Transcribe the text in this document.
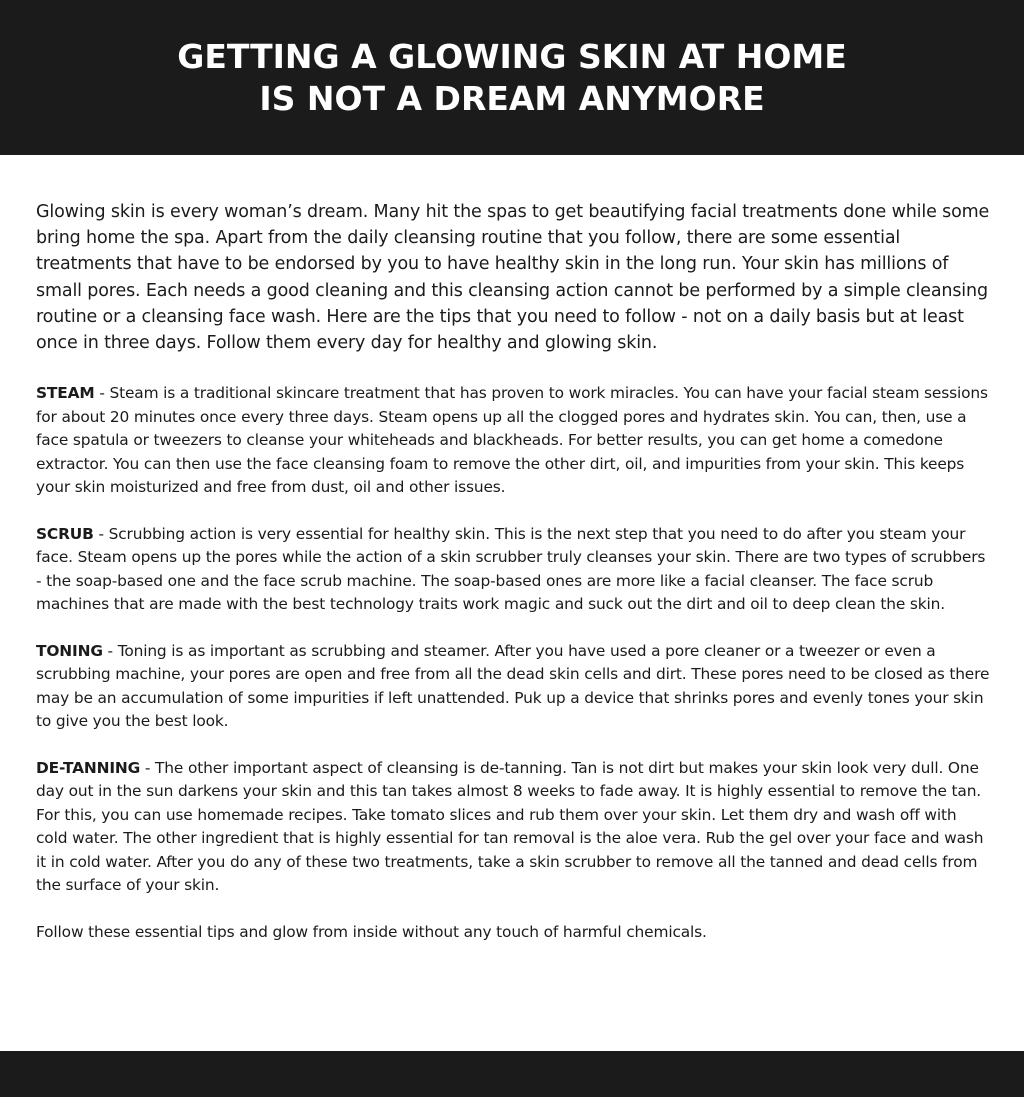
GETTING A GLOWING SKIN AT HOME
IS NOT A DREAM ANYMORE

Glowing skin is every woman’s dream. Many hit the spas to get beautifying facial treatments done while some bring home the spa. Apart from the daily cleansing routine that you follow, there are some essential treatments that have to be endorsed by you to have healthy skin in the long run. Your skin has millions of small pores. Each needs a good cleaning and this cleansing action cannot be performed by a simple cleansing routine or a cleansing face wash. Here are the tips that you need to follow - not on a daily basis but at least once in three days. Follow them every day for healthy and glowing skin.

STEAM - Steam is a traditional skincare treatment that has proven to work miracles. You can have your facial steam sessions for about 20 minutes once every three days. Steam opens up all the clogged pores and hydrates skin. You can, then, use a face spatula or tweezers to cleanse your whiteheads and blackheads. For better results, you can get home a comedone extractor. You can then use the face cleansing foam to remove the other dirt, oil, and impurities from your skin. This keeps your skin moisturized and free from dust, oil and other issues.

SCRUB - Scrubbing action is very essential for healthy skin. This is the next step that you need to do after you steam your face. Steam opens up the pores while the action of a skin scrubber truly cleanses your skin. There are two types of scrubbers - the soap-based one and the face scrub machine. The soap-based ones are more like a facial cleanser. The face scrub machines that are made with the best technology traits work magic and suck out the dirt and oil to deep clean the skin.

TONING - Toning is as important as scrubbing and steamer. After you have used a pore cleaner or a tweezer or even a scrubbing machine, your pores are open and free from all the dead skin cells and dirt. These pores need to be closed as there may be an accumulation of some impurities if left unattended. Puk up a device that shrinks pores and evenly tones your skin to give you the best look.

DE-TANNING - The other important aspect of cleansing is de-tanning. Tan is not dirt but makes your skin look very dull. One day out in the sun darkens your skin and this tan takes almost 8 weeks to fade away. It is highly essential to remove the tan. For this, you can use homemade recipes. Take tomato slices and rub them over your skin. Let them dry and wash off with cold water. The other ingredient that is highly essential for tan removal is the aloe vera. Rub the gel over your face and wash it in cold water. After you do any of these two treatments, take a skin scrubber to remove all the tanned and dead cells from the surface of your skin.

Follow these essential tips and glow from inside without any touch of harmful chemicals.
